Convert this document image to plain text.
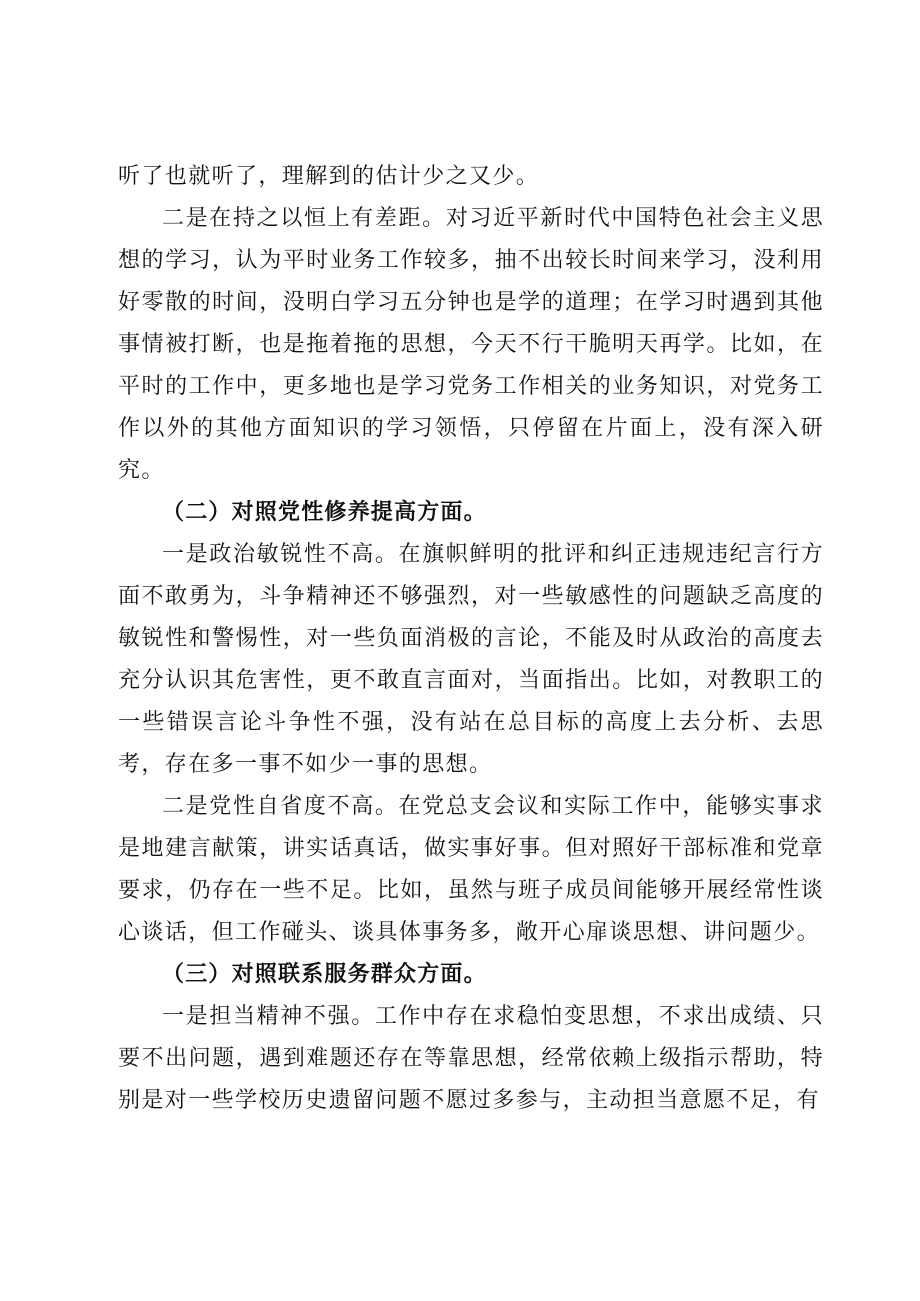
听了也就听了，理解到的估计少之又少。

二是在持之以恒上有差距。对习近平新时代中国特色社会主义思想的学习，认为平时业务工作较多，抽不出较长时间来学习，没利用好零散的时间，没明白学习五分钟也是学的道理；在学习时遇到其他事情被打断，也是拖着拖的思想，今天不行干脆明天再学。比如，在平时的工作中，更多地也是学习党务工作相关的业务知识，对党务工作以外的其他方面知识的学习领悟，只停留在片面上，没有深入研究。

（二）对照党性修养提高方面。

一是政治敏锐性不高。在旗帜鲜明的批评和纠正违规违纪言行方面不敢勇为，斗争精神还不够强烈，对一些敏感性的问题缺乏高度的敏锐性和警惕性，对一些负面消极的言论，不能及时从政治的高度去充分认识其危害性，更不敢直言面对，当面指出。比如，对教职工的一些错误言论斗争性不强，没有站在总目标的高度上去分析、去思考，存在多一事不如少一事的思想。

二是党性自省度不高。在党总支会议和实际工作中，能够实事求是地建言献策，讲实话真话，做实事好事。但对照好干部标准和党章要求，仍存在一些不足。比如，虽然与班子成员间能够开展经常性谈心谈话，但工作碰头、谈具体事务多，敞开心扉谈思想、讲问题少。

（三）对照联系服务群众方面。

一是担当精神不强。工作中存在求稳怕变思想，不求出成绩、只要不出问题，遇到难题还存在等靠思想，经常依赖上级指示帮助，特别是对一些学校历史遗留问题不愿过多参与，主动担当意愿不足，有
